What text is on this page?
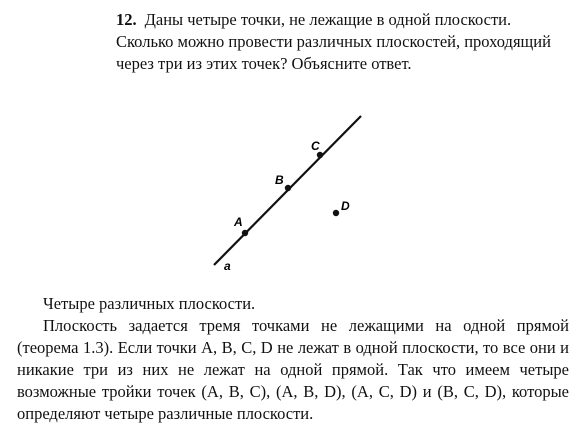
12. Даны четыре точки, не лежащие в одной плоскости. Сколько можно провести различных плоскостей, проходящий через три из этих точек? Объясните ответ.
a
A
B
C
D

Четыре различных плоскости.

Плоскость задается тремя точками не лежащими на одной прямой (теорема 1.3). Если точки A, B, C, D не лежат в одной плоскости, то все они и никакие три из них не лежат на одной прямой. Так что имеем четыре возможные тройки точек (A, B, C), (A, B, D), (A, C, D) и (B, C, D), которые определяют четыре различные плоскости.
